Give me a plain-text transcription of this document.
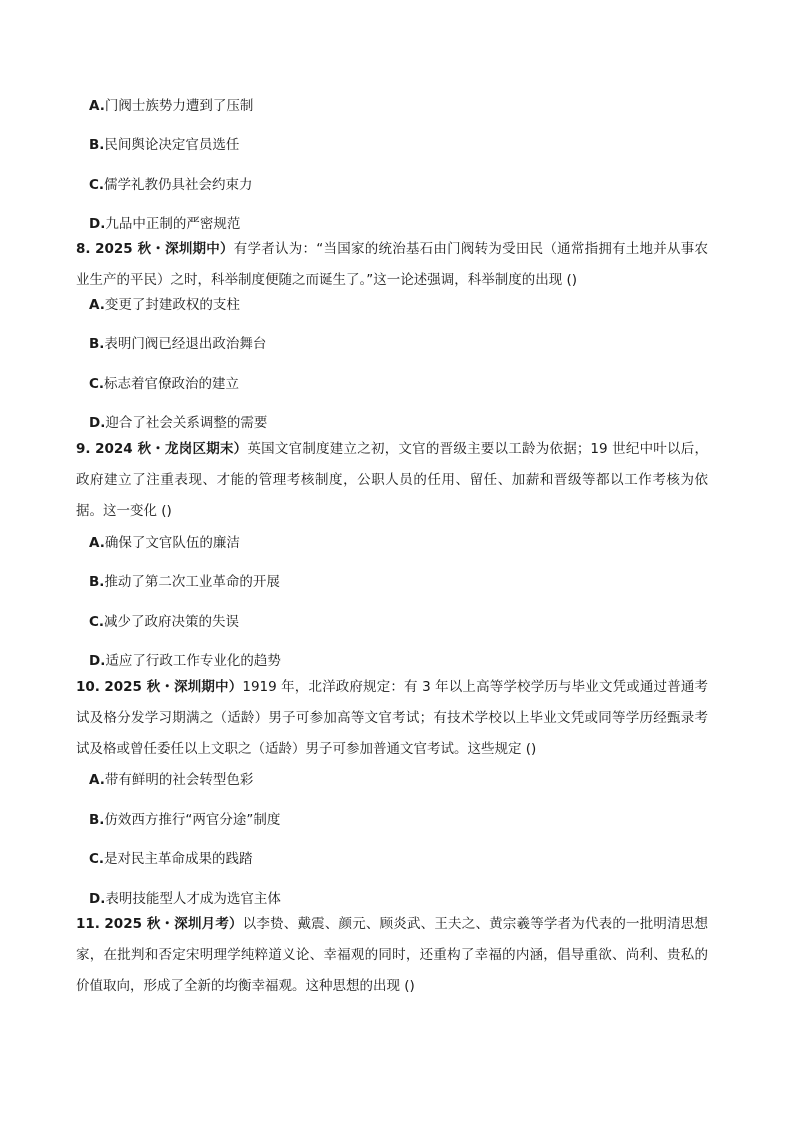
A.门阀士族势力遭到了压制
B.民间舆论决定官员选任
C.儒学礼教仍具社会约束力
D.九品中正制的严密规范
8. 2025 秋・深圳期中）有学者认为：“当国家的统治基石由门阀转为受田民（通常指拥有土地并从事农业生产的平民）之时，科举制度便随之而诞生了。”这一论述强调，科举制度的出现 ()
A.变更了封建政权的支柱
B.表明门阀已经退出政治舞台
C.标志着官僚政治的建立
D.迎合了社会关系调整的需要
9. 2024 秋・龙岗区期末）英国文官制度建立之初，文官的晋级主要以工龄为依据；19 世纪中叶以后，政府建立了注重表现、才能的管理考核制度，公职人员的任用、留任、加薪和晋级等都以工作考核为依据。这一变化 ()
A.确保了文官队伍的廉洁
B.推动了第二次工业革命的开展
C.减少了政府决策的失误
D.适应了行政工作专业化的趋势
10. 2025 秋・深圳期中）1919 年，北洋政府规定：有 3 年以上高等学校学历与毕业文凭或通过普通考试及格分发学习期满之（适龄）男子可参加高等文官考试；有技术学校以上毕业文凭或同等学历经甄录考试及格或曾任委任以上文职之（适龄）男子可参加普通文官考试。这些规定 ()
A.带有鲜明的社会转型色彩
B.仿效西方推行“两官分途”制度
C.是对民主革命成果的践踏
D.表明技能型人才成为选官主体
11. 2025 秋・深圳月考）以李贽、戴震、颜元、顾炎武、王夫之、黄宗羲等学者为代表的一批明清思想家，在批判和否定宋明理学纯粹道义论、幸福观的同时，还重构了幸福的内涵，倡导重欲、尚利、贵私的价值取向，形成了全新的均衡幸福观。这种思想的出现 ()
